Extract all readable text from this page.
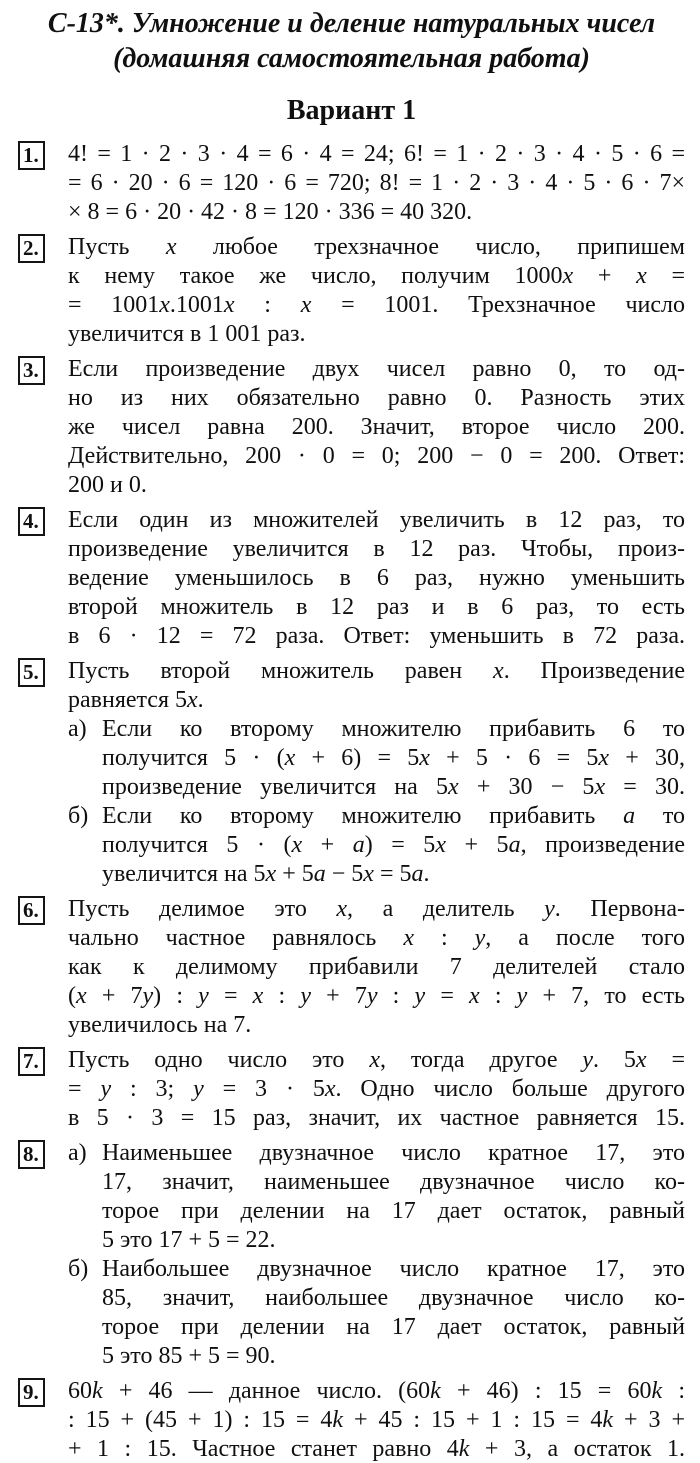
С-13*. Умножение и деление натуральных чисел
(домашняя самостоятельная работа)
Вариант 1
1.	4! = 1 · 2 · 3 · 4 = 6 · 4 = 24; 6! = 1 · 2 · 3 · 4 · 5 · 6 =
= 6 · 20 · 6 = 120 · 6 = 720; 8! = 1 · 2 · 3 · 4 · 5 · 6 · 7×
× 8 = 6 · 20 · 42 · 8 = 120 · 336 = 40 320.
2.	Пусть x любое трехзначное число, припишем
к нему такое же число, получим 1000x + x =
= 1001x.1001x : x = 1001. Трехзначное число
увеличится в 1 001 раз.
3.	Если произведение двух чисел равно 0, то од-
но из них обязательно равно 0. Разность этих
же чисел равна 200. Значит, второе число 200.
Действительно, 200 · 0 = 0; 200 − 0 = 200. Ответ:
200 и 0.
4.	Если один из множителей увеличить в 12 раз, то
произведение увеличится в 12 раз. Чтобы, произ-
ведение уменьшилось в 6 раз, нужно уменьшить
второй множитель в 12 раз и в 6 раз, то есть
в 6 · 12 = 72 раза. Ответ: уменьшить в 72 раза.
5.	Пусть второй множитель равен x. Произведение
равняется 5x.
а) Если ко второму множителю прибавить 6 то
получится 5 · (x + 6) = 5x + 5 · 6 = 5x + 30,
произведение увеличится на 5x + 30 − 5x = 30.
б) Если ко второму множителю прибавить a то
получится 5 · (x + a) = 5x + 5a, произведение
увеличится на 5x + 5a − 5x = 5a.
6.	Пусть делимое это x, а делитель y. Первона-
чально частное равнялось x : y, а после того
как к делимому прибавили 7 делителей стало
(x + 7y) : y = x : y + 7y : y = x : y + 7, то есть
увеличилось на 7.
7.	Пусть одно число это x, тогда другое y. 5x =
= y : 3; y = 3 · 5x. Одно число больше другого
в 5 · 3 = 15 раз, значит, их частное равняется 15.
8.	а) Наименьшее двузначное число кратное 17, это
17, значит, наименьшее двузначное число ко-
торое при делении на 17 дает остаток, равный
5 это 17 + 5 = 22.
б) Наибольшее двузначное число кратное 17, это
85, значит, наибольшее двузначное число ко-
торое при делении на 17 дает остаток, равный
5 это 85 + 5 = 90.
9.	60k + 46 — данное число. (60k + 46) : 15 = 60k :
: 15 + (45 + 1) : 15 = 4k + 45 : 15 + 1 : 15 = 4k + 3 +
+ 1 : 15. Частное станет равно 4k + 3, а остаток 1.
